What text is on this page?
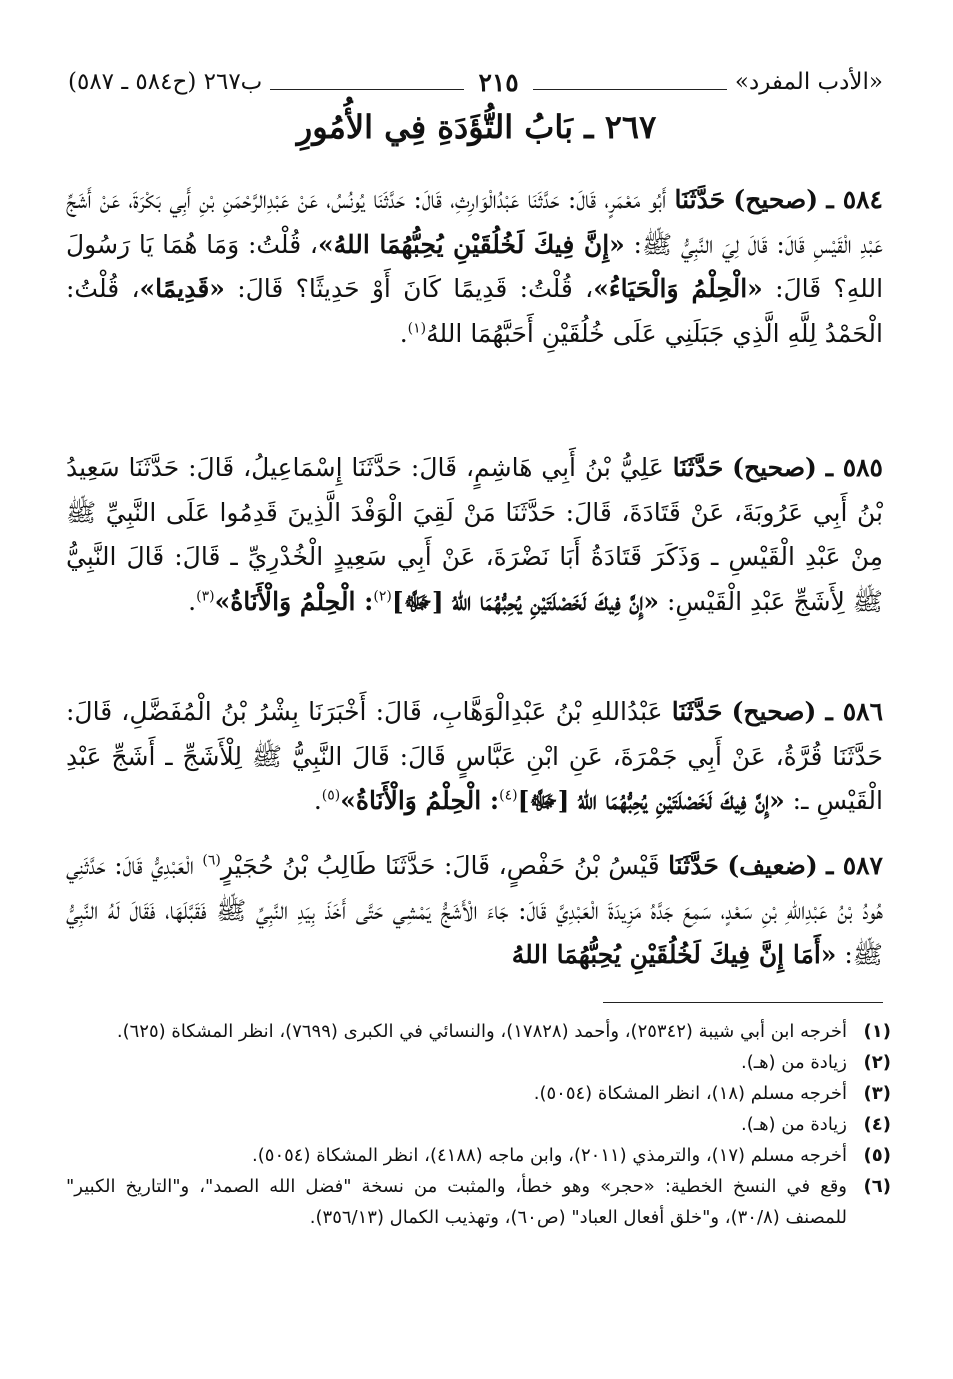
«الأدب المفرد»
٢١٥
ب٢٦٧ (ح٥٨٤ ـ ٥٨٧)
٢٦٧ ـ بَابُ التُّؤَدَةِ فِي الأُمُورِ

٥٨٤ ـ (صحيح) حَدَّثَنَا أَبُو مَعْمَرٍ، قَالَ: حَدَّثَنَا عَبْدُالْوَارِثِ، قَالَ: حَدَّثَنَا يُونُسُ، عَنْ عَبْدِالرَّحْمَنِ بْنِ أَبِي بَكْرَةَ، عَنْ أَشَجِّ عَبْدِ الْقَيْسِ قَالَ: قَالَ لِيَ النَّبِيُّ ﷺ: «إِنَّ فِيكَ لَخُلُقَيْنِ يُحِبُّهُمَا اللهُ»، قُلْتُ: وَمَا هُمَا يَا رَسُولَ اللهِ؟ قَالَ: «الْحِلْمُ وَالْحَيَاءُ»، قُلْتُ: قَدِيمًا كَانَ أَوْ حَدِيثًا؟ قَالَ: «قَدِيمًا»، قُلْتُ: الْحَمْدُ لِلَّهِ الَّذِي جَبَلَنِي عَلَى خُلُقَيْنِ أَحَبَّهُمَا اللهُ$^{(١)}$.

٥٨٥ ـ (صحيح) حَدَّثَنَا عَلِيُّ بْنُ أَبِي هَاشِمٍ، قَالَ: حَدَّثَنَا إِسْمَاعِيلُ، قَالَ: حَدَّثَنَا سَعِيدُ بْنُ أَبِي عَرُوبَةَ، عَنْ قَتَادَةَ، قَالَ: حَدَّثَنَا مَنْ لَقِيَ الْوَفْدَ الَّذِينَ قَدِمُوا عَلَى النَّبِيِّ ﷺ مِنْ عَبْدِ الْقَيْسِ ـ وَذَكَرَ قَتَادَةُ أَبَا نَضْرَةَ، عَنْ أَبِي سَعِيدٍ الْخُدْرِيِّ ـ قَالَ: قَالَ النَّبِيُّ ﷺ لِأَشَجِّ عَبْدِ الْقَيْسِ: «إِنَّ فِيكَ لَخَصْلَتَيْنِ يُحِبُّهُمَا اللهُ [ﷻ]$^{(٢)}$: الْحِلْمُ وَالْأَنَاةُ»$^{(٣)}$.

٥٨٦ ـ (صحيح) حَدَّثَنَا عَبْدُاللهِ بْنُ عَبْدِالْوَهَّابِ، قَالَ: أَخْبَرَنَا بِشْرُ بْنُ الْمُفَضَّلِ، قَالَ: حَدَّثَنَا قُرَّةُ، عَنْ أَبِي جَمْرَةَ، عَنِ ابْنِ عَبَّاسٍ قَالَ: قَالَ النَّبِيُّ ﷺ لِلْأَشَجِّ ـ أَشَجِّ عَبْدِ الْقَيْسِ ـ: «إِنَّ فِيكَ لَخَصْلَتَيْنِ يُحِبُّهُمَا اللهُ [ﷻ]$^{(٤)}$: الْحِلْمُ وَالْأَنَاةُ»$^{(٥)}$.

٥٨٧ ـ (ضعيف) حَدَّثَنَا قَيْسُ بْنُ حَفْصٍ، قَالَ: حَدَّثَنَا طَالِبُ بْنُ حُجَيْرٍ$^{(٦)}$ الْعَبْدِيُّ قَالَ: حَدَّثَنِي هُودُ بْنُ عَبْدِاللهِ بْنِ سَعْدٍ، سَمِعَ جَدَّهُ مَزِيدَةَ الْعَبْدِيَّ قَالَ: جَاءَ الْأَشَجُّ يَمْشِي حَتَّى أَخَذَ بِيَدِ النَّبِيِّ ﷺ فَقَبَّلَهَا، فَقَالَ لَهُ النَّبِيُّ ﷺ: «أَمَا إِنَّ فِيكَ لَخُلُقَيْنِ يُحِبُّهُمَا اللهُ

(١)
أخرجه ابن أبي شيبة (٢٥٣٤٢)، وأحمد (١٧٨٢٨)، والنسائي في الكبرى (٧٦٩٩)، انظر المشكاة (٦٢٥).

(٢)
زيادة من (هـ).

(٣)
أخرجه مسلم (١٨)، انظر المشكاة (٥٠٥٤).

(٤)
زيادة من (هـ).

(٥)
أخرجه مسلم (١٧)، والترمذي (٢٠١١)، وابن ماجه (٤١٨٨)، انظر المشكاة (٥٠٥٤).

(٦)
وقع في النسخ الخطية: «حجر» وهو خطأ، والمثبت من نسخة "فضل الله الصمد"، و"التاريخ الكبير" للمصنف (٣٠/٨)، و"خلق أفعال العباد" (ص٦٠)، وتهذيب الكمال (٣٥٦/١٣).
